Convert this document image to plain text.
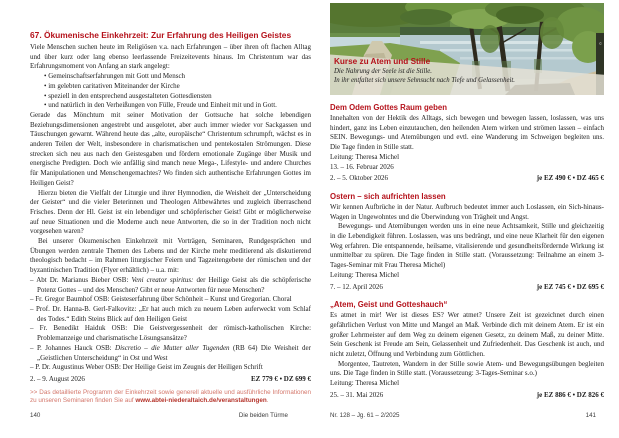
67. Ökumenische Einkehrzeit: Zur Erfahrung des Heiligen Geistes

Viele Menschen suchen heute im Religiösen v.a. nach Erfahrungen – über ihren oft flachen Alltag und über kurz oder lang ebenso leerlassende Freizeitevents hinaus. Im Christentum war das Erfahrungsmoment von Anfang an stark angelegt:

• Gemeinschaftserfahrungen mit Gott und Mensch
• im gelebten caritativen Miteinander der Kirche
• speziell in den entsprechend ausgestalteten Gottesdiensten
• und natürlich in den Verheißungen von Fülle, Freude und Einheit mit und in Gott.

Gerade das Mönchtum mit seiner Motivation der Gottsuche hat solche lebendigen Beziehungsdimensionen angestrebt und ausgelotet, aber auch immer wieder vor Sackgassen und Täuschungen gewarnt. Während heute das „alte, europäische“ Christentum schrumpft, wächst es in anderen Teilen der Welt, insbesondere in charismatischen und pentekostalen Strömungen. Diese strecken sich neu aus nach den Geistesgaben und fördern emotionale Zugänge über Musik und energische Predigten. Doch wie anfällig sind manch neue Mega-, Lifestyle- und andere Churches für Manipulationen und Menschengemachtes? Wo finden sich authentische Erfahrungen Gottes im Heiligen Geist?

Hierzu bieten die Vielfalt der Liturgie und ihrer Hymnodien, die Weisheit der „Unterscheidung der Geister“ und die vieler Beterinnen und Theologen Altbewährtes und zugleich überraschend Frisches. Denn der Hl. Geist ist ein lebendiger und schöpferischer Geist! Gibt er möglicherweise auf neue Situationen und die Moderne auch neue Antworten, die so in der Tradition noch nicht vorgesehen waren?

Bei unserer Ökumenischen Einkehrzeit mit Vorträgen, Seminaren, Rundgesprächen und Übungen werden zentrale Themen des Lebens und der Kirche mehr meditierend als diskutierend theologisch bedacht – im Rahmen liturgischer Feiern und Tagzeitengebete der römischen und der byzantinischen Tradition (Flyer erhältlich) – u.a. mit:

– Abt Dr. Marianus Bieber OSB: Veni creator spiritus: der Heilige Geist als die schöpferische Potenz Gottes – und des Menschen? Gibt er neue Antworten für neue Menschen?
– Fr. Gregor Baumhof OSB: Geisteserfahrung über Schönheit – Kunst und Gregorian. Choral
– Prof. Dr. Hanna-B. Gerl-Falkovitz: „Er hat auch mich zu neuem Leben auferweckt vom Schlaf des Todes.“ Edith Steins Blick auf den Heiligen Geist
– Fr. Benedikt Haiduk OSB: Die Geistvergessenheit der römisch-katholischen Kirche: Problemanzeige und charismatische Lösungsansätze?
– P. Johannes Hauck OSB: Discretio – die Mutter aller Tugenden (RB 64) Die Weisheit der „Geistlichen Unterscheidung“ in Ost und West
– P. Dr. Augustinus Weber OSB: Der Heilige Geist im Zeugnis der Heiligen Schrift
2. – 9. August 2026	EZ 779 € • DZ 699 €

>> Das detaillierte Programm der Einkehrzeit sowie generell aktuelle und ausführliche Informationen zu unseren Seminaren finden Sie auf www.abtei-niederaltaich.de/veranstaltungen.

Kurse zu Atem und Stille
Die Nahrung der Seele ist die Stille.
In ihr entfaltet sich unsere Sehnsucht nach Tiefe und Gelassenheit.
©
Dem Odem Gottes Raum geben

Innehalten von der Hektik des Alltags, sich bewegen und bewegen lassen, loslassen, was uns hindert, ganz ins Leben einzutauchen, den heilenden Atem wirken und strömen lassen – einfach SEIN. Bewegungs- und Atemübungen und evtl. eine Wanderung im Schweigen begleiten uns. Die Tage finden in Stille statt.

Leitung: Theresa Michel
13. – 16. Februar 2026
2. – 5. Oktober 2026	je EZ 490 € • DZ 465 €
Ostern – sich aufrichten lassen

Wir kennen Aufbrüche in der Natur. Aufbruch bedeutet immer auch Loslassen, ein Sich-hinaus-Wagen in Ungewohntes und die Überwindung von Trägheit und Angst.

Bewegungs- und Atemübungen werden uns in eine neue Achtsamkeit, Stille und gleichzeitig in die Lebendigkeit führen. Loslassen, was uns bedrängt, und eine neue Klarheit für den eigenen Weg erfahren. Die entspannende, heilsame, vitalisierende und gesundheitsfördernde Wirkung ist unmittelbar zu spüren. Die Tage finden in Stille statt. (Voraussetzung: Teilnahme an einem 3-Tages-Seminar mit Frau Theresa Michel)

Leitung: Theresa Michel
7. – 12. April 2026	je EZ 745 € • DZ 695 €
„Atem, Geist und Gotteshauch“

Es atmet in mir! Wer ist dieses ES? Wer atmet? Unsere Zeit ist gezeichnet durch einen gefährlichen Verlust von Mitte und Mangel an Maß. Verbinde dich mit deinem Atem. Er ist ein großer Lehrmeister auf dem Weg zu deinem eigenen Gesetz, zu deinem Maß, zu deiner Mitte. Sein Geschenk ist Freude am Sein, Gelassenheit und Zufriedenheit. Das Geschenk ist auch, und nicht zuletzt, Öffnung und Verbindung zum Göttlichen.

Morgentee, Tautreten, Wandern in der Stille sowie Atem- und Bewegungsübungen begleiten uns. Die Tage finden in Stille statt. (Voraussetzung: 3-Tages-Seminar s.o.)

Leitung: Theresa Michel
25. – 31. Mai 2026	je EZ 886 € • DZ 826 €
140	Die beiden Türme	Nr. 128 – Jg. 61 – 2/2025	141
